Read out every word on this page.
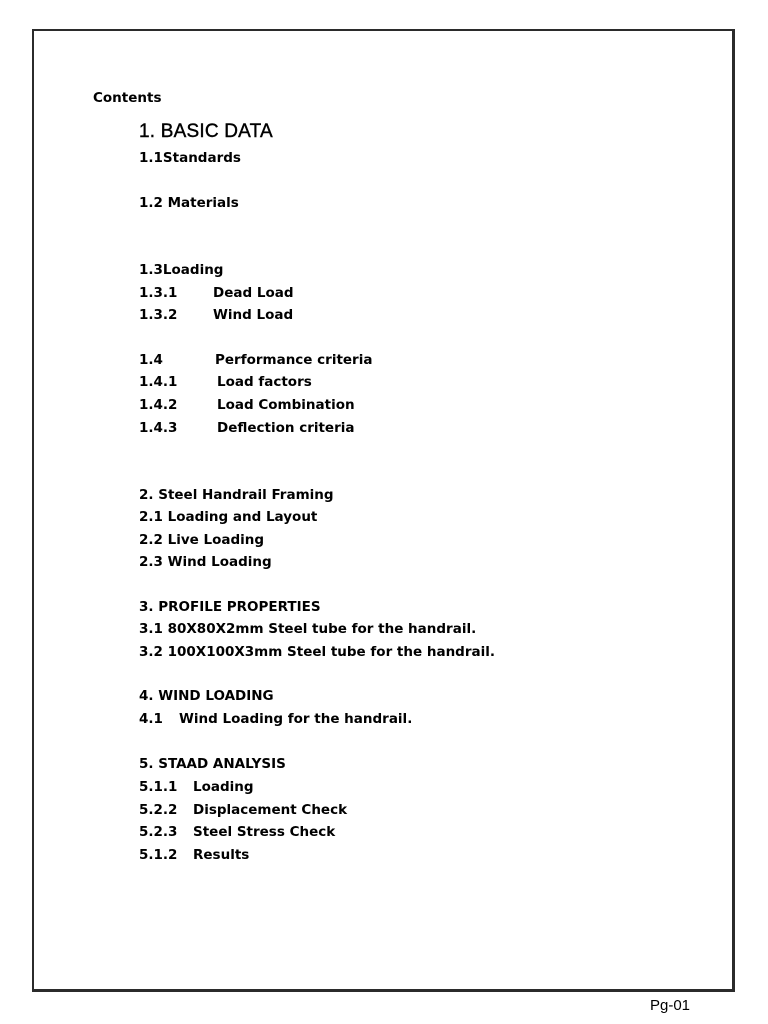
Contents
1. BASIC DATA
1.1Standards
1.2 Materials
1.3Loading
1.3.1	Dead Load
1.3.2	Wind Load
1.4	Performance criteria
1.4.1	Load factors
1.4.2	Load Combination
1.4.3	Deflection criteria
2. Steel Handrail Framing
2.1 Loading and Layout
2.2 Live Loading
2.3 Wind Loading
3. PROFILE PROPERTIES
3.1 80X80X2mm Steel tube for the handrail.
3.2 100X100X3mm Steel tube for the handrail.
4. WIND LOADING
4.1 Wind Loading for the handrail.
5. STAAD ANALYSIS
5.1.1 Loading
5.2.2 Displacement Check
5.2.3 Steel Stress Check
5.1.2 Results
Pg-01
